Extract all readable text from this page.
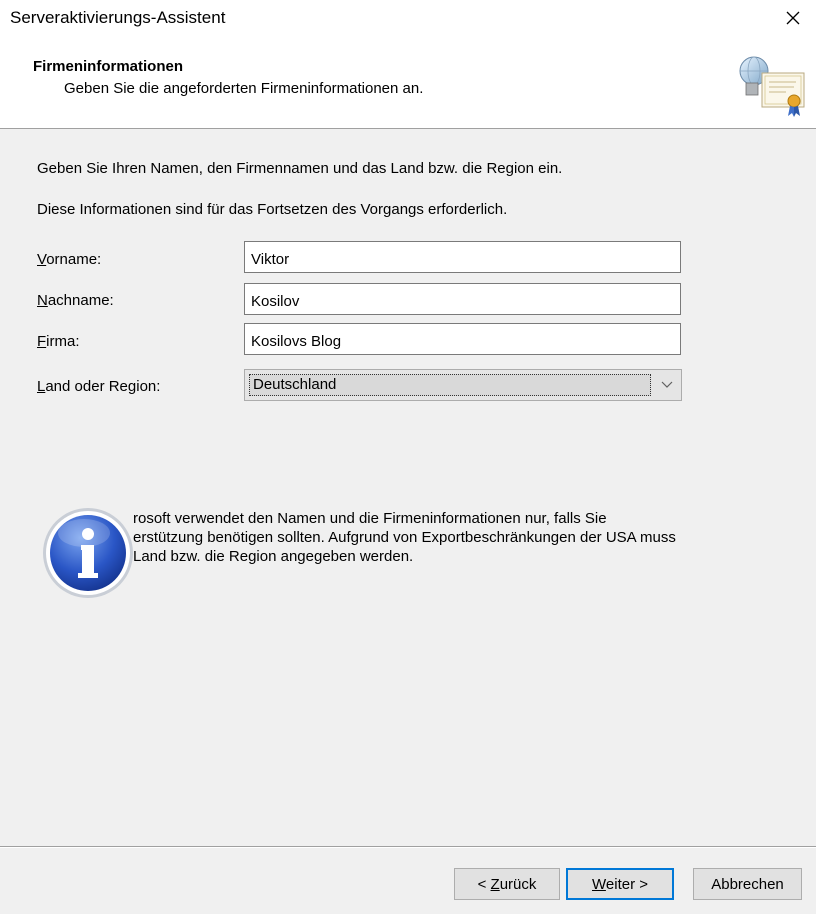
Serveraktivierungs-Assistent
Firmeninformationen
Geben Sie die angeforderten Firmeninformationen an.
Geben Sie Ihren Namen, den Firmennamen und das Land bzw. die Region ein.
Diese Informationen sind für das Fortsetzen des Vorgangs erforderlich.
Vorname:
Viktor
Nachname:
Kosilov
Firma:
Kosilovs Blog
Land oder Region:	Deutschland
rosoft verwendet den Namen und die Firmeninformationen nur, falls Sie
erstützung benötigen sollten. Aufgrund von Exportbeschränkungen der USA muss
Land bzw. die Region angegeben werden.
< Zurück	Weiter >	Abbrechen
